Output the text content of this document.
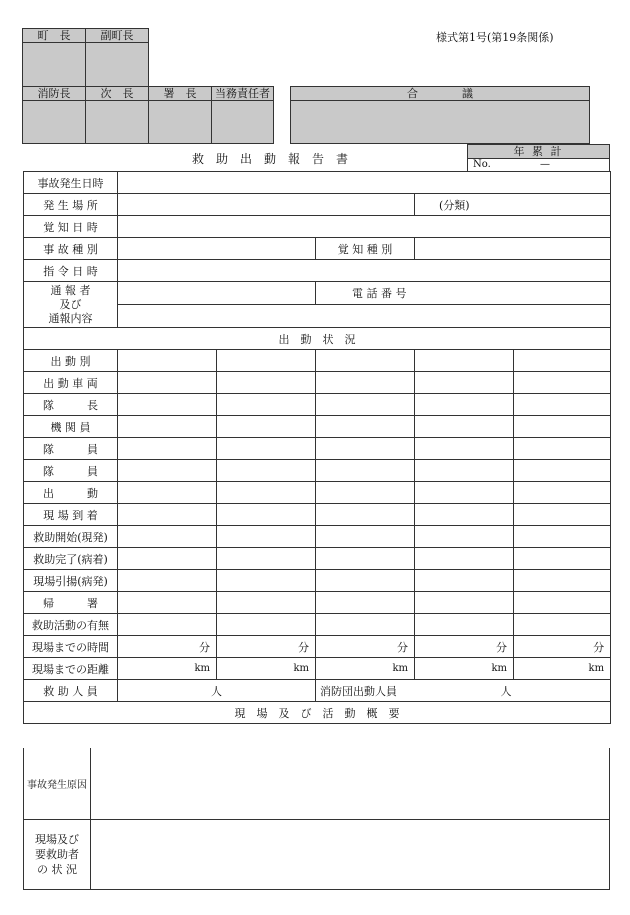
様式第1号(第19条関係)
町　長	副町長
消防長	次　長	署　長	当務責任者	合　　　　議
救　助　出　動　報　告　書
年 累 計
No.	—
事故発生日時					
発 生 場 所				(分類)	
覚 知 日 時					
事 故 種 別			覚 知 種 別		
指 令 日 時					

通 報 者
及び
通報内容			電 話 番 号		

出　動　状　況					
出 動 別					
出 動 車 両					
隊　　　長					
機 関 員					
隊　　　員					
隊　　　員					
出　　　動					
現 場 到 着					
救助開始(現発)					
救助完了(病着)					
現場引揚(病発)					
帰　　　署					
救助活動の有無					
現場までの時間	分	分	分	分	分
現場までの距離	km	km	km	km	km
救 助 人 員	人		消防団出動人員 人		
現　場　及　び　活　動　概　要					
事故発生原因
現場及び
要救助者
の 状 況
